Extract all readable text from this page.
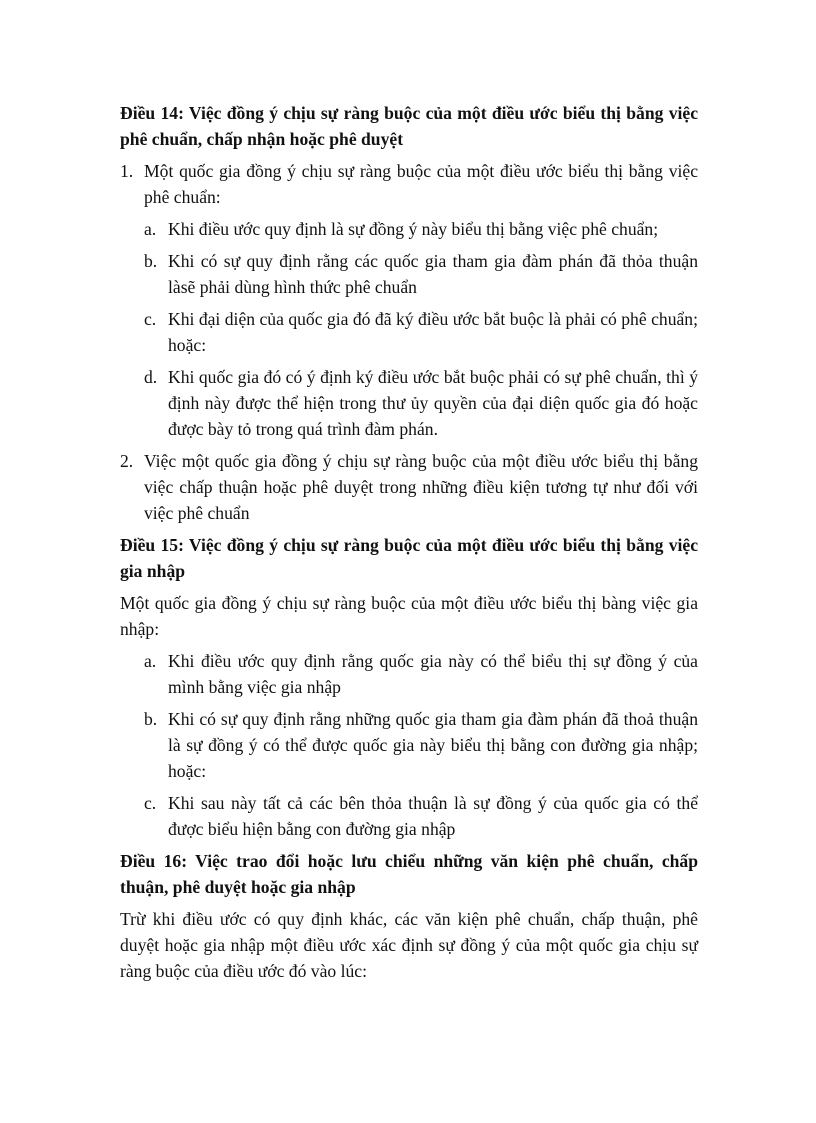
Điều 14: Việc đồng ý chịu sự ràng buộc của một điều ước biểu thị bằng việc phê chuẩn, chấp nhận hoặc phê duyệt
1. Một quốc gia đồng ý chịu sự ràng buộc của một điều ước biểu thị bằng việc phê chuẩn:
a. Khi điều ước quy định là sự đồng ý này biểu thị bằng việc phê chuẩn;
b. Khi có sự quy định rằng các quốc gia tham gia đàm phán đã thỏa thuận làsẽ phải dùng hình thức phê chuẩn
c. Khi đại diện của quốc gia đó đã ký điều ước bắt buộc là phải có phê chuẩn; hoặc:
d. Khi quốc gia đó có ý định ký điều ước bắt buộc phải có sự phê chuẩn, thì ý định này được thể hiện trong thư ủy quyền của đại diện quốc gia đó hoặc được bày tỏ trong quá trình đàm phán.
2. Việc một quốc gia đồng ý chịu sự ràng buộc của một điều ước biểu thị bằng việc chấp thuận hoặc phê duyệt trong những điều kiện tương tự như đối với việc phê chuẩn
Điều 15: Việc đồng ý chịu sự ràng buộc của một điều ước biểu thị bằng việc gia nhập
Một quốc gia đồng ý chịu sự ràng buộc của một điều ước biểu thị bàng việc gia nhập:
a. Khi điều ước quy định rằng quốc gia này có thể biểu thị sự đồng ý của mình bằng việc gia nhập
b. Khi có sự quy định rằng những quốc gia tham gia đàm phán đã thoả thuận là sự đồng ý có thể được quốc gia này biểu thị bằng con đường gia nhập; hoặc:
c. Khi sau này tất cả các bên thỏa thuận là sự đồng ý của quốc gia có thể được biểu hiện bằng con đường gia nhập
Điều 16: Việc trao đổi hoặc lưu chiểu những văn kiện phê chuẩn, chấp thuận, phê duyệt hoặc gia nhập
Trừ khi điều ước có quy định khác, các văn kiện phê chuẩn, chấp thuận, phê duyệt hoặc gia nhập một điều ước xác định sự đồng ý của một quốc gia chịu sự ràng buộc của điều ước đó vào lúc:
